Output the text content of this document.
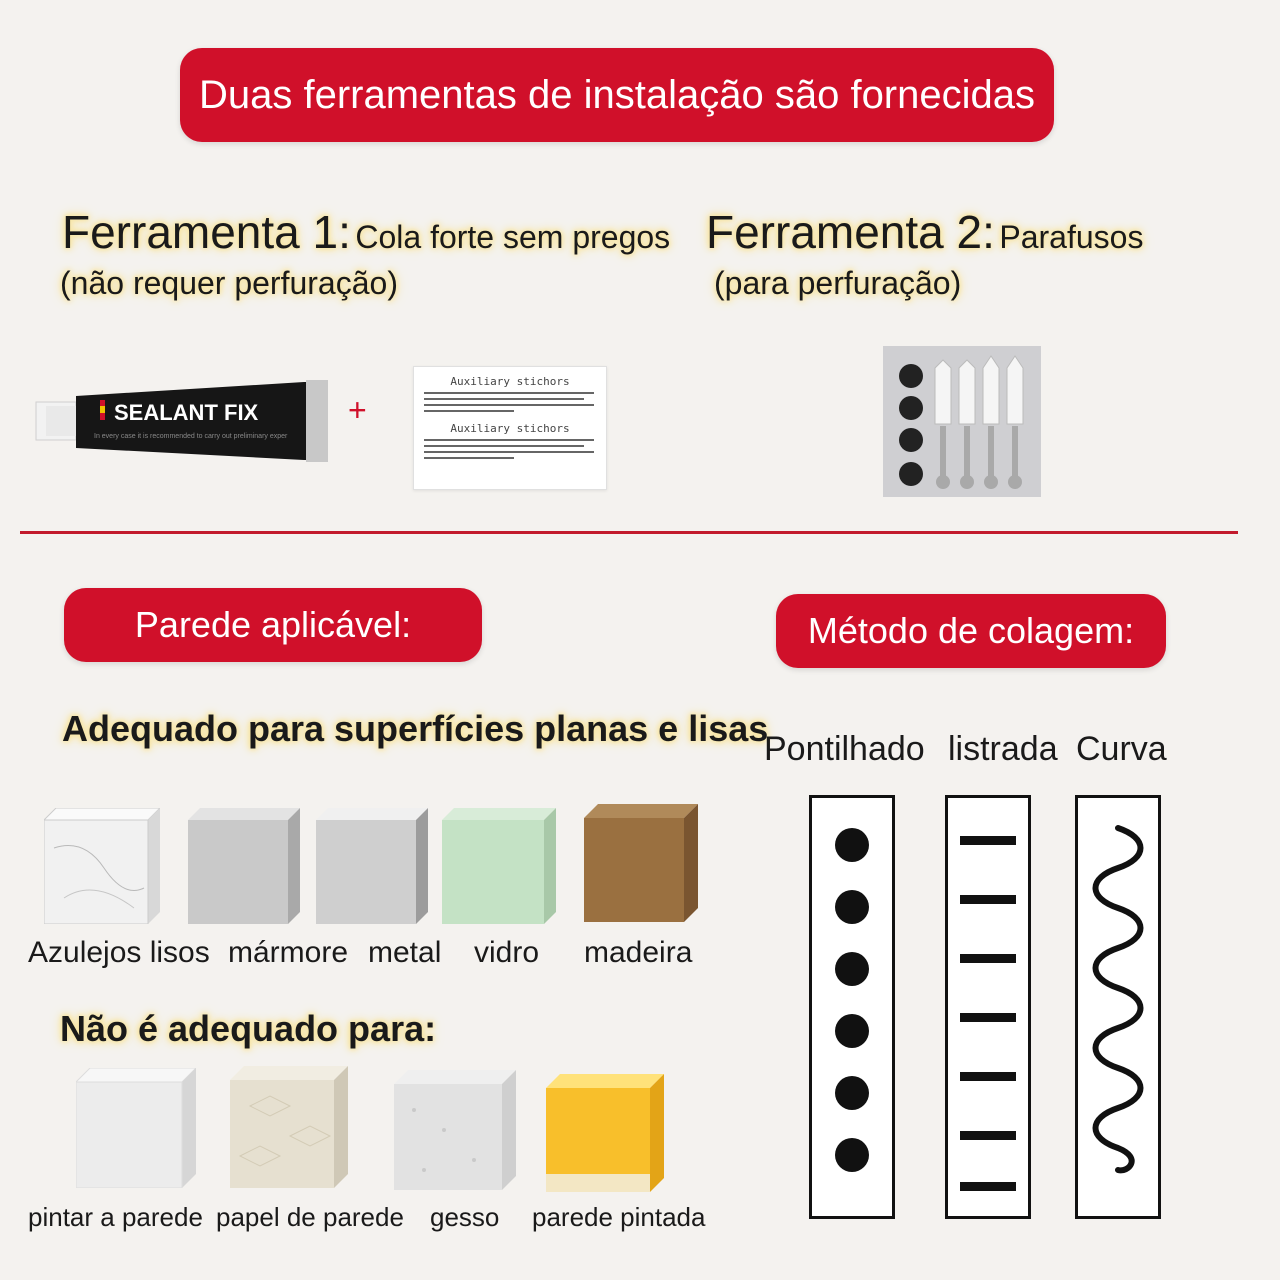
Duas ferramentas de instalação são fornecidas
Ferramenta 1: Cola forte sem pregos
(não requer perfuração)
Ferramenta 2: Parafusos
(para perfuração)
SEALANT FIX
In every case it is recommended to carry out preliminary exper
+
Auxiliary stichors
Auxiliary stichors
Parede aplicável:	Método de colagem:
Adequado para superfícies planas e lisas
Azulejos lisos mármore metal vidro madeira
Não é adequado para:
pintar a parede papel de parede gesso parede pintada
Pontilhado listrada Curva
